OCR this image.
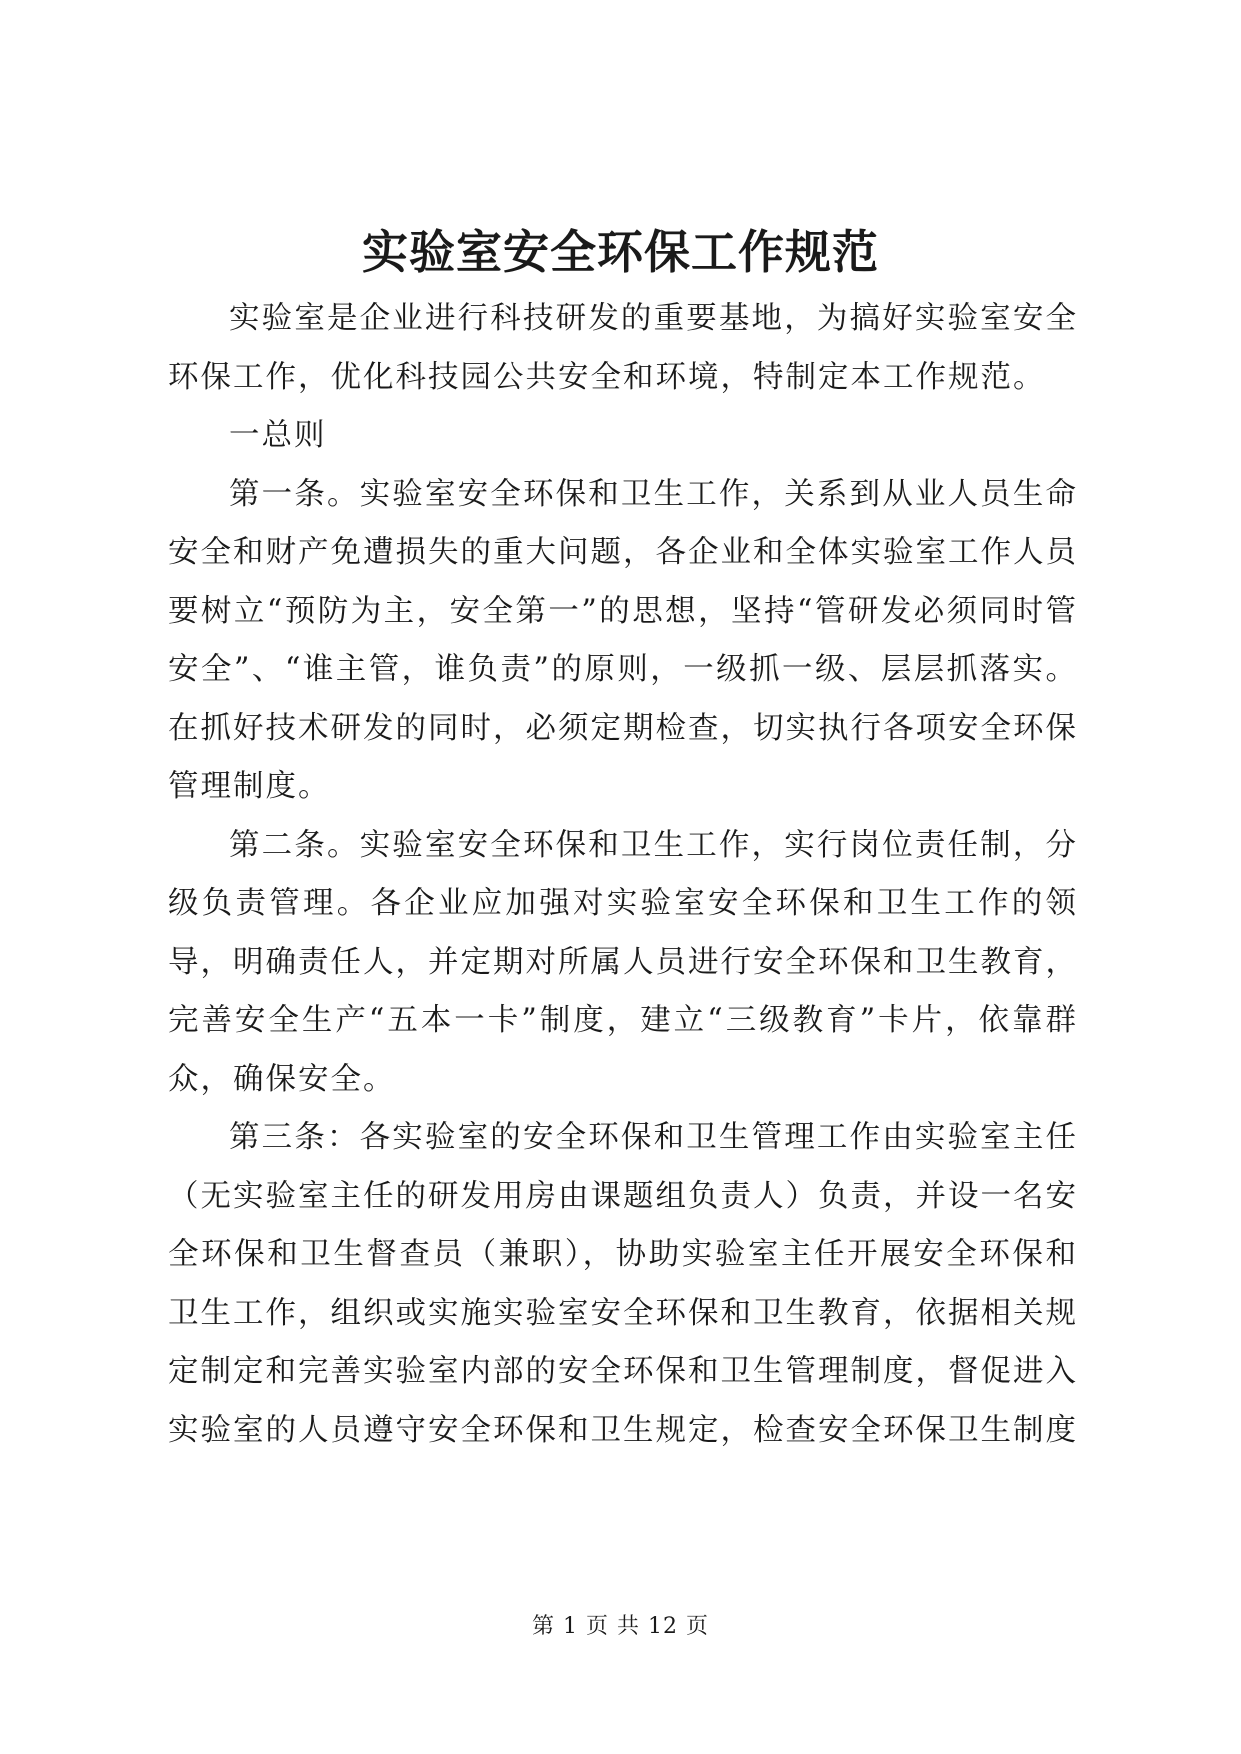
实验室安全环保工作规范

实验室是企业进行科技研发的重要基地，为搞好实验室安全环保工作，优化科技园公共安全和环境，特制定本工作规范。

一总则

第一条。实验室安全环保和卫生工作，关系到从业人员生命安全和财产免遭损失的重大问题，各企业和全体实验室工作人员要树立“预防为主，安全第一”的思想，坚持“管研发必须同时管安全”、“谁主管，谁负责”的原则，一级抓一级、层层抓落实。在抓好技术研发的同时，必须定期检查，切实执行各项安全环保管理制度。

第二条。实验室安全环保和卫生工作，实行岗位责任制，分级负责管理。各企业应加强对实验室安全环保和卫生工作的领导，明确责任人，并定期对所属人员进行安全环保和卫生教育，完善安全生产“五本一卡”制度，建立“三级教育”卡片，依靠群众，确保安全。

第三条：各实验室的安全环保和卫生管理工作由实验室主任（无实验室主任的研发用房由课题组负责人）负责，并设一名安全环保和卫生督查员（兼职），协助实验室主任开展安全环保和卫生工作，组织或实施实验室安全环保和卫生教育，依据相关规定制定和完善实验室内部的安全环保和卫生管理制度，督促进入实验室的人员遵守安全环保和卫生规定，检查安全环保卫生制度

第 1 页 共 12 页
